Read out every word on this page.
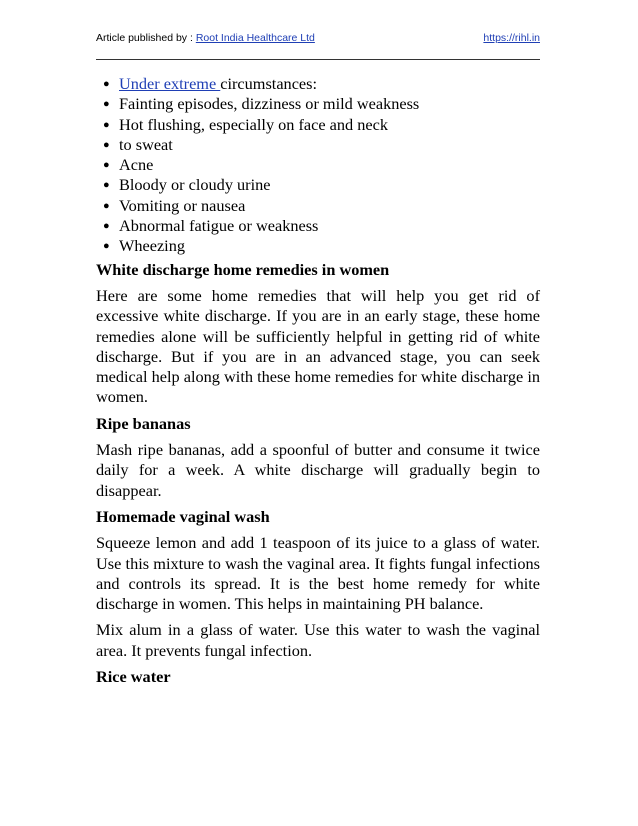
Article published by : Root India Healthcare Ltd	https://rihl.in
● Under extreme circumstances:
● Fainting episodes, dizziness or mild weakness
● Hot flushing, especially on face and neck
● to sweat
● Acne
● Bloody or cloudy urine
● Vomiting or nausea
● Abnormal fatigue or weakness
● Wheezing
White discharge home remedies in women

Here are some home remedies that will help you get rid of excessive white discharge. If you are in an early stage, these home remedies alone will be sufficiently helpful in getting rid of white discharge. But if you are in an advanced stage, you can seek medical help along with these home remedies for white discharge in women.

Ripe bananas

Mash ripe bananas, add a spoonful of butter and consume it twice daily for a week. A white discharge will gradually begin to disappear.

Homemade vaginal wash

Squeeze lemon and add 1 teaspoon of its juice to a glass of water. Use this mixture to wash the vaginal area. It fights fungal infections and controls its spread. It is the best home remedy for white discharge in women. This helps in maintaining PH balance.

Mix alum in a glass of water. Use this water to wash the vaginal area. It prevents fungal infection.

Rice water
